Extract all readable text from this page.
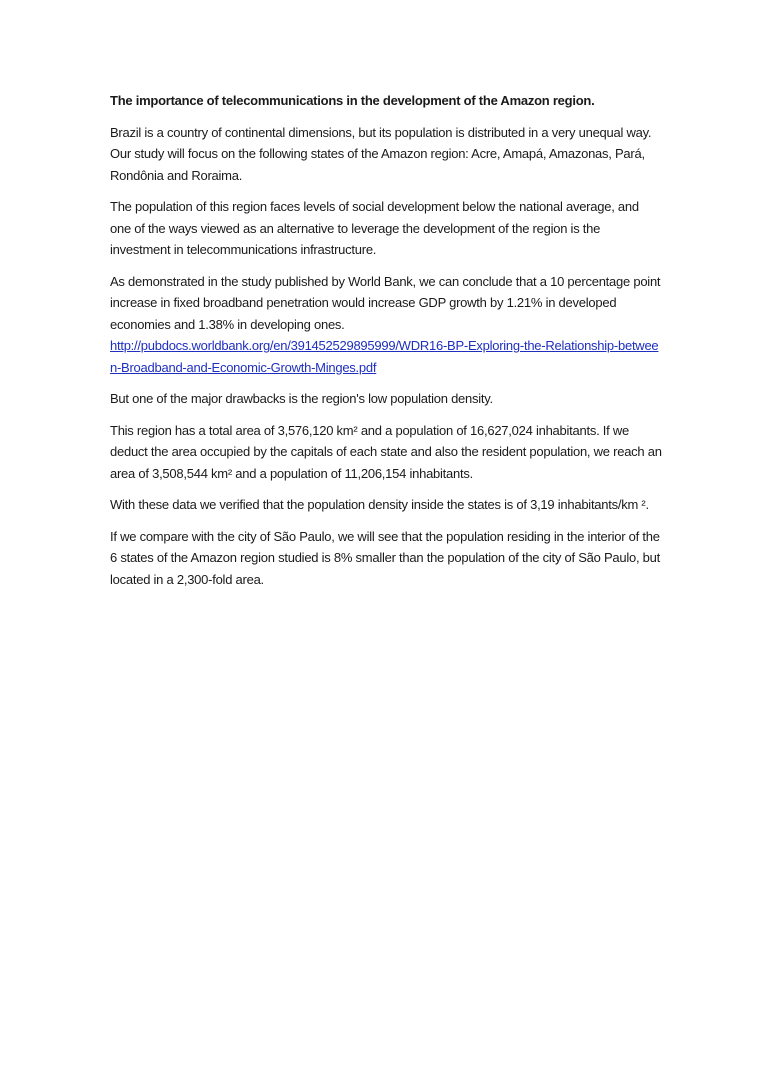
The importance of telecommunications in the development of the Amazon region.

Brazil is a country of continental dimensions, but its population is distributed in a very unequal way. Our study will focus on the following states of the Amazon region: Acre, Amapá, Amazonas, Pará, Rondônia and Roraima.

The population of this region faces levels of social development below the national average, and one of the ways viewed as an alternative to leverage the development of the region is the investment in telecommunications infrastructure.

As demonstrated in the study published by World Bank, we can conclude that a 10 percentage point increase in fixed broadband penetration would increase GDP growth by 1.21% in developed economies and 1.38% in developing ones.
http://pubdocs.worldbank.org/en/391452529895999/WDR16-BP-Exploring-the-Relationship-between-Broadband-and-Economic-Growth-Minges.pdf

But one of the major drawbacks is the region's low population density.

This region has a total area of 3,576,120 km² and a population of 16,627,024 inhabitants. If we deduct the area occupied by the capitals of each state and also the resident population, we reach an area of 3,508,544 km² and a population of 11,206,154 inhabitants.

With these data we verified that the population density inside the states is of 3,19 inhabitants/km ².

If we compare with the city of São Paulo, we will see that the population residing in the interior of the 6 states of the Amazon region studied is 8% smaller than the population of the city of São Paulo, but located in a 2,300-fold area.
